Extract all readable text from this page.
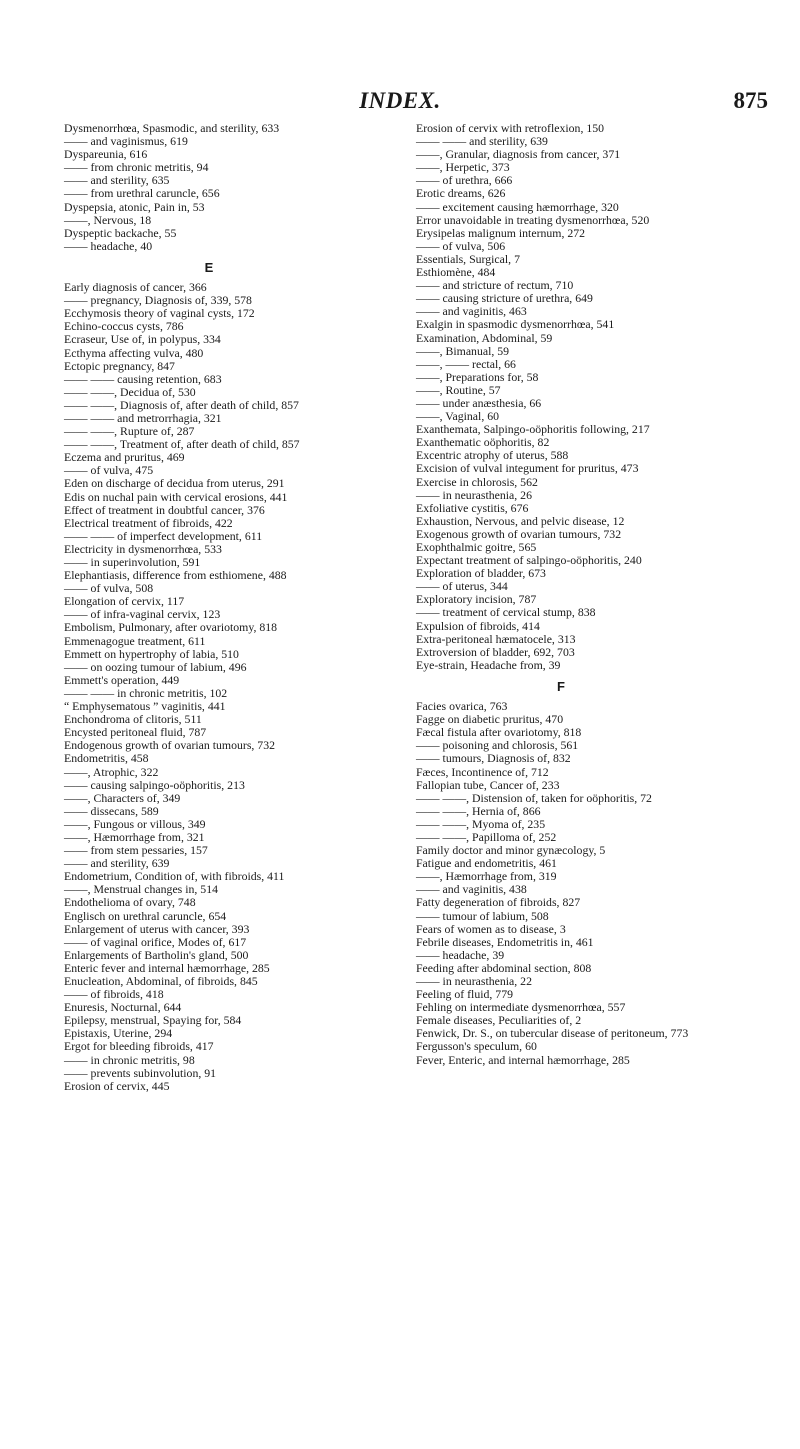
INDEX.	875
Dysmenorrhœa, Spasmodic, and sterility, 633
—— and vaginismus, 619
Dyspareunia, 616
—— from chronic metritis, 94
—— and sterility, 635
—— from urethral caruncle, 656
Dyspepsia, atonic, Pain in, 53
——, Nervous, 18
Dyspeptic backache, 55
—— headache, 40
E
Early diagnosis of cancer, 366
—— pregnancy, Diagnosis of, 339, 578
Ecchymosis theory of vaginal cysts, 172
Echino-coccus cysts, 786
Ecraseur, Use of, in polypus, 334
Ecthyma affecting vulva, 480
Ectopic pregnancy, 847
—— —— causing retention, 683
—— ——, Decidua of, 530
—— ——, Diagnosis of, after death of child, 857
—— —— and metrorrhagia, 321
—— ——, Rupture of, 287
—— ——, Treatment of, after death of child, 857
Eczema and pruritus, 469
—— of vulva, 475
Eden on discharge of decidua from uterus, 291
Edis on nuchal pain with cervical erosions, 441
Effect of treatment in doubtful cancer, 376
Electrical treatment of fibroids, 422
—— —— of imperfect development, 611
Electricity in dysmenorrhœa, 533
—— in superinvolution, 591
Elephantiasis, difference from esthiomene, 488
—— of vulva, 508
Elongation of cervix, 117
—— of infra-vaginal cervix, 123
Embolism, Pulmonary, after ovariotomy, 818
Emmenagogue treatment, 611
Emmett on hypertrophy of labia, 510
—— on oozing tumour of labium, 496
Emmett's operation, 449
—— —— in chronic metritis, 102
“ Emphysematous ” vaginitis, 441
Enchondroma of clitoris, 511
Encysted peritoneal fluid, 787
Endogenous growth of ovarian tumours, 732
Endometritis, 458
——, Atrophic, 322
—— causing salpingo-oöphoritis, 213
——, Characters of, 349
—— dissecans, 589
——, Fungous or villous, 349
——, Hæmorrhage from, 321
—— from stem pessaries, 157
—— and sterility, 639
Endometrium, Condition of, with fibroids, 411
——, Menstrual changes in, 514
Endothelioma of ovary, 748
Englisch on urethral caruncle, 654
Enlargement of uterus with cancer, 393
—— of vaginal orifice, Modes of, 617
Enlargements of Bartholin's gland, 500
Enteric fever and internal hæmorrhage, 285
Enucleation, Abdominal, of fibroids, 845
—— of fibroids, 418
Enuresis, Nocturnal, 644
Epilepsy, menstrual, Spaying for, 584
Epistaxis, Uterine, 294
Ergot for bleeding fibroids, 417
—— in chronic metritis, 98
—— prevents subinvolution, 91
Erosion of cervix, 445
Erosion of cervix with retroflexion, 150
—— —— and sterility, 639
——, Granular, diagnosis from cancer, 371
——, Herpetic, 373
—— of urethra, 666
Erotic dreams, 626
—— excitement causing hæmorrhage, 320
Error unavoidable in treating dysmenorrhœa, 520
Erysipelas malignum internum, 272
—— of vulva, 506
Essentials, Surgical, 7
Esthiomène, 484
—— and stricture of rectum, 710
—— causing stricture of urethra, 649
—— and vaginitis, 463
Exalgin in spasmodic dysmenorrhœa, 541
Examination, Abdominal, 59
——, Bimanual, 59
——, —— rectal, 66
——, Preparations for, 58
——, Routine, 57
—— under anæsthesia, 66
——, Vaginal, 60
Exanthemata, Salpingo-oöphoritis following, 217
Exanthematic oöphoritis, 82
Excentric atrophy of uterus, 588
Excision of vulval integument for pruritus, 473
Exercise in chlorosis, 562
—— in neurasthenia, 26
Exfoliative cystitis, 676
Exhaustion, Nervous, and pelvic disease, 12
Exogenous growth of ovarian tumours, 732
Exophthalmic goitre, 565
Expectant treatment of salpingo-oöphoritis, 240
Exploration of bladder, 673
—— of uterus, 344
Exploratory incision, 787
—— treatment of cervical stump, 838
Expulsion of fibroids, 414
Extra-peritoneal hæmatocele, 313
Extroversion of bladder, 692, 703
Eye-strain, Headache from, 39
F
Facies ovarica, 763
Fagge on diabetic pruritus, 470
Fæcal fistula after ovariotomy, 818
—— poisoning and chlorosis, 561
—— tumours, Diagnosis of, 832
Fæces, Incontinence of, 712
Fallopian tube, Cancer of, 233
—— ——, Distension of, taken for oöphoritis, 72
—— ——, Hernia of, 866
—— ——, Myoma of, 235
—— ——, Papilloma of, 252
Family doctor and minor gynæcology, 5
Fatigue and endometritis, 461
——, Hæmorrhage from, 319
—— and vaginitis, 438
Fatty degeneration of fibroids, 827
—— tumour of labium, 508
Fears of women as to disease, 3
Febrile diseases, Endometritis in, 461
—— headache, 39
Feeding after abdominal section, 808
—— in neurasthenia, 22
Feeling of fluid, 779
Fehling on intermediate dysmenorrhœa, 557
Female diseases, Peculiarities of, 2
Fenwick, Dr. S., on tubercular disease of peritoneum, 773
Fergusson's speculum, 60
Fever, Enteric, and internal hæmorrhage, 285
